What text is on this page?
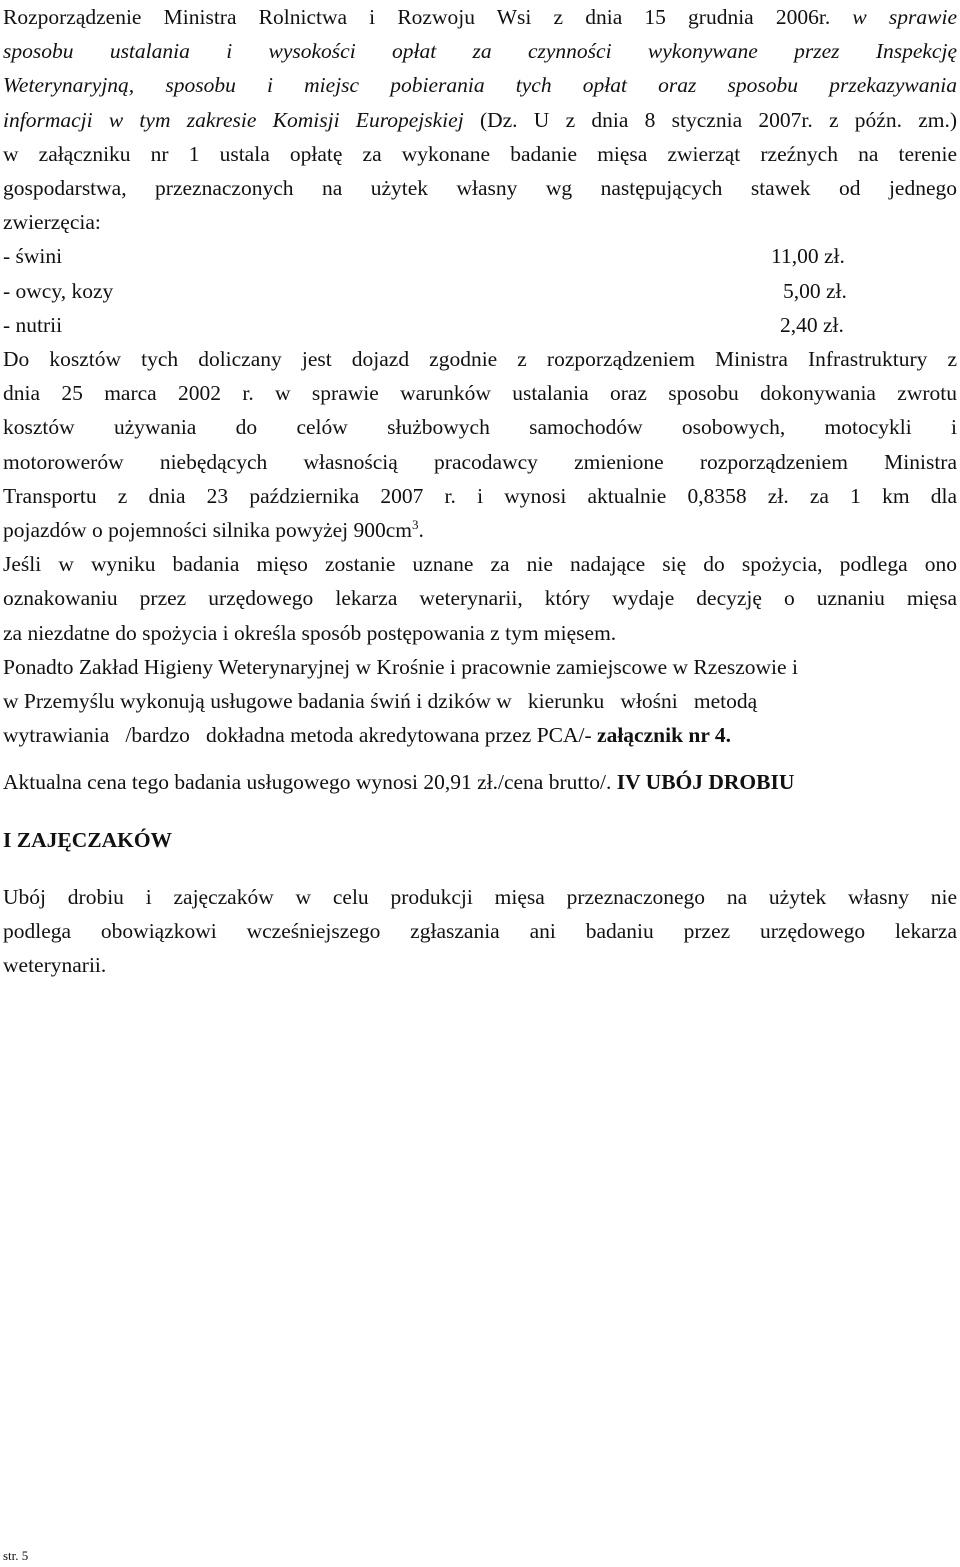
Rozporządzenie Ministra Rolnictwa i Rozwoju Wsi z dnia 15 grudnia 2006r. w sprawie
sposobu ustalania i wysokości opłat za czynności wykonywane przez Inspekcję
Weterynaryjną, sposobu i miejsc pobierania tych opłat oraz sposobu przekazywania
informacji w tym zakresie Komisji Europejskiej (Dz. U z dnia 8 stycznia 2007r. z późn. zm.)
w załączniku nr 1 ustala opłatę za wykonane badanie mięsa zwierząt rzeźnych na terenie
gospodarstwa, przeznaczonych na użytek własny wg następujących stawek od jednego
zwierzęcia:
- świni	11,00 zł.
- owcy, kozy	5,00 zł.
- nutrii	2,40 zł.
Do kosztów tych doliczany jest dojazd zgodnie z rozporządzeniem Ministra Infrastruktury z
dnia 25 marca 2002 r. w sprawie warunków ustalania oraz sposobu dokonywania zwrotu
kosztów używania do celów służbowych samochodów osobowych, motocykli i
motorowerów niebędących własnością pracodawcy zmienione rozporządzeniem Ministra
Transportu z dnia 23 października 2007 r. i wynosi aktualnie 0,8358 zł. za 1 km dla
pojazdów o pojemności silnika powyżej $900cm^3$.
Jeśli w wyniku badania mięso zostanie uznane za nie nadające się do spożycia, podlega ono
oznakowaniu przez urzędowego lekarza weterynarii, który wydaje decyzję o uznaniu mięsa
za niezdatne do spożycia i określa sposób postępowania z tym mięsem.
Ponadto Zakład Higieny Weterynaryjnej w Krośnie i pracownie zamiejscowe w Rzeszowie i
w Przemyślu wykonują usługowe badania świń i dzików w   kierunku   włośni   metodą
wytrawiania   /bardzo   dokładna metoda akredytowana przez PCA/- załącznik nr 4.
Aktualna cena tego badania usługowego wynosi 20,91 zł./cena brutto/. IV UBÓJ DROBIU
I ZAJĘCZAKÓW
Ubój drobiu i zajęczaków w celu produkcji mięsa przeznaczonego na użytek własny nie
podlega obowiązkowi wcześniejszego zgłaszania ani badaniu przez urzędowego lekarza
weterynarii.
str. 5
